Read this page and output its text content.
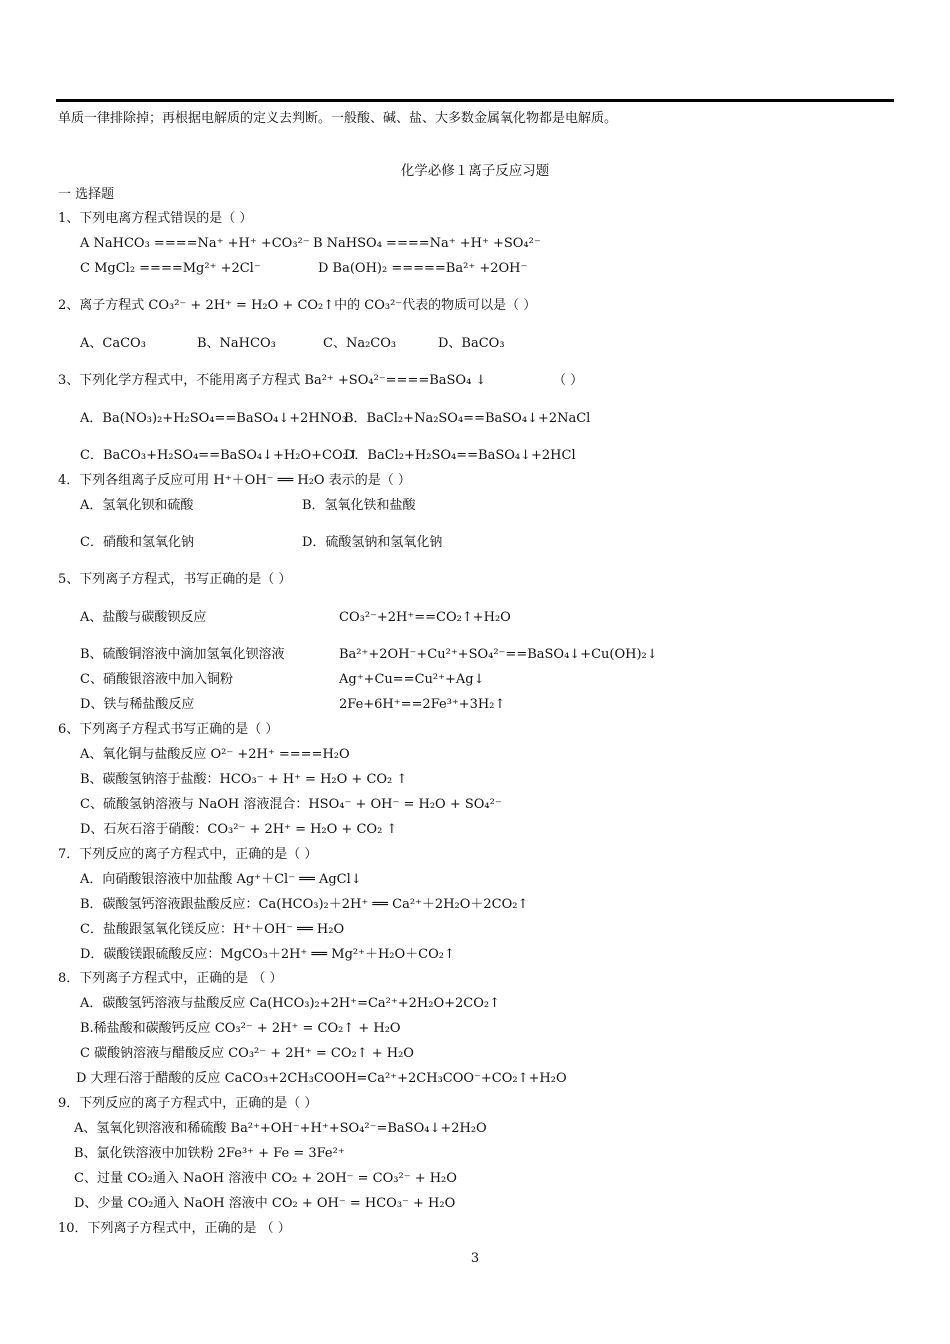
单质一律排除掉；再根据电解质的定义去判断。一般酸、碱、盐、大多数金属氧化物都是电解质。
化学必修１离子反应习题
一 选择题
1、下列电离方程式错误的是（ ）
A NaHCO₃ ====Na⁺ +H⁺ +CO₃²⁻ B NaHSO₄ ====Na⁺ +H⁺ +SO₄²⁻
C MgCl₂ ====Mg²⁺ +2Cl⁻	D Ba(OH)₂ =====Ba²⁺ +2OH⁻
2、离子方程式 CO₃²⁻ + 2H⁺ = H₂O + CO₂↑中的 CO₃²⁻代表的物质可以是（ ）
A、CaCO₃	B、NaHCO₃	C、Na₂CO₃	D、BaCO₃
3、下列化学方程式中，不能用离子方程式 Ba²⁺ +SO₄²⁻====BaSO₄ ↓	（ ）
A．Ba(NO₃)₂+H₂SO₄==BaSO₄↓+2HNO₃
B．BaCl₂+Na₂SO₄==BaSO₄↓+2NaCl
C．BaCO₃+H₂SO₄==BaSO₄↓+H₂O+CO₂↑
D．BaCl₂+H₂SO₄==BaSO₄↓+2HCl
4．下列各组离子反应可用 H⁺＋OH⁻ ══ H₂O 表示的是（ ）
A．氢氧化钡和硫酸	B．氢氧化铁和盐酸
C．硝酸和氢氧化钠	D．硫酸氢钠和氢氧化钠
5、下列离子方程式，书写正确的是（ ）
A、盐酸与碳酸钡反应	CO₃²⁻+2H⁺==CO₂↑+H₂O
B、硫酸铜溶液中滴加氢氧化钡溶液	Ba²⁺+2OH⁻+Cu²⁺+SO₄²⁻==BaSO₄↓+Cu(OH)₂↓
C、硝酸银溶液中加入铜粉	Ag⁺+Cu==Cu²⁺+Ag↓
D、铁与稀盐酸反应	2Fe+6H⁺==2Fe³⁺+3H₂↑
6、下列离子方程式书写正确的是（ ）
A、氧化铜与盐酸反应 O²⁻ +2H⁺ ====H₂O
B、碳酸氢钠溶于盐酸：HCO₃⁻ + H⁺ = H₂O + CO₂ ↑
C、硫酸氢钠溶液与 NaOH 溶液混合：HSO₄⁻ + OH⁻ = H₂O + SO₄²⁻
D、石灰石溶于硝酸：CO₃²⁻ + 2H⁺ = H₂O + CO₂ ↑
7．下列反应的离子方程式中，正确的是（ ）
A．向硝酸银溶液中加盐酸 Ag⁺＋Cl⁻ ══ AgCl↓
B．碳酸氢钙溶液跟盐酸反应：Ca(HCO₃)₂＋2H⁺ ══ Ca²⁺＋2H₂O＋2CO₂↑
C．盐酸跟氢氧化镁反应：H⁺＋OH⁻ ══ H₂O
D．碳酸镁跟硫酸反应：MgCO₃＋2H⁺ ══ Mg²⁺＋H₂O＋CO₂↑
8．下列离子方程式中，正确的是 （ ）
A．碳酸氢钙溶液与盐酸反应 Ca(HCO₃)₂+2H⁺=Ca²⁺+2H₂O+2CO₂↑
B.稀盐酸和碳酸钙反应 CO₃²⁻ + 2H⁺ = CO₂↑ + H₂O
C 碳酸钠溶液与醋酸反应 CO₃²⁻ + 2H⁺ = CO₂↑ + H₂O
D 大理石溶于醋酸的反应 CaCO₃+2CH₃COOH=Ca²⁺+2CH₃COO⁻+CO₂↑+H₂O
9．下列反应的离子方程式中，正确的是（ ）
A、氢氧化钡溶液和稀硫酸 Ba²⁺+OH⁻+H⁺+SO₄²⁻=BaSO₄↓+2H₂O
B、氯化铁溶液中加铁粉 2Fe³⁺ + Fe = 3Fe²⁺
C、过量 CO₂通入 NaOH 溶液中 CO₂ + 2OH⁻ = CO₃²⁻ + H₂O
D、少量 CO₂通入 NaOH 溶液中 CO₂ + OH⁻ = HCO₃⁻ + H₂O
10．下列离子方程式中，正确的是 （ ）
3
